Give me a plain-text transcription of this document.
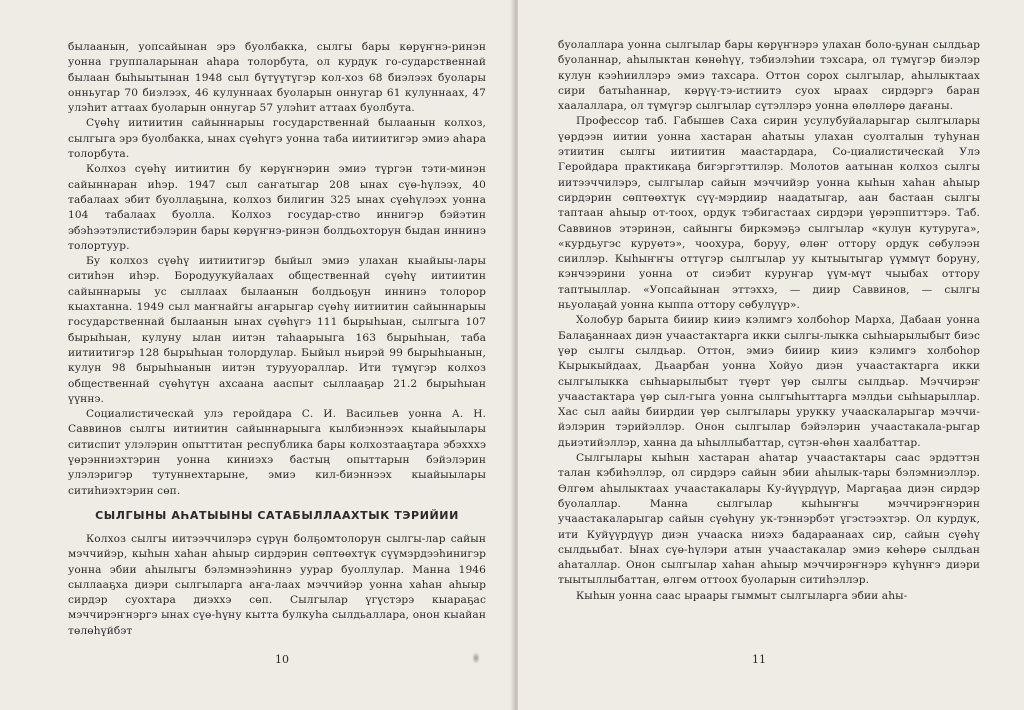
былаанын, уопсайынан эрэ буолбакка, сылгы бары көрүҥнэ-ринэн уонна группаларынан аһара толорбута, ол курдук го-сударственнай былаан быһыытынан 1948 сыл бүтүүтүгэр кол-хоз 68 биэлээх буолары онньугар 70 биэлээх, 46 кулуннаах буоларын оннугар 61 кулуннаах, 47 улэһит аттаах буоларын оннугар 57 улэһит аттаах буолбута.

Сүөһү иитиитин сайыннарыы государственнай былаанын колхоз, сылгыга эрэ буолбакка, ынах сүөһүгэ уонна таба иитиитигэр эмиэ аһара толорбута.

Колхоз сүөһү иитиитин бу көрүҥнэрин эмиэ түргэн тэти-минэн сайыннаран иһэр. 1947 сыл саҥатыгар 208 ынах сүө-һүлээх, 40 табалаах эбит буоллаҕына, колхоз билигин 325 ынах сүөһүлээх уонна 104 табалаах буолла. Колхоз государ-ство иннигэр бэйэтин эбэһээтэлистибэлэрин бары көрүҥнэ-ринэн болдьохторун быдан иннинэ толортуур.

Бу колхоз сүөһү иитиитигэр быйыл эмиэ улахан кыайыы-лары ситиһэн иһэр. Бородуукуйалаах общественнай сүөһү иитиитин сайыннарыы ус сыллаах былаанын болдьоҕун иннинэ толорор кыахтанна. 1949 сыл маҥнайгы аҥарыгар сүөһү иитиитин сайыннарыы государственнай былаанын ынах сүөһүгэ 111 бырыһыан, сылгыга 107 бырыһыан, кулуну ылан иитэн таһаарыыга 163 бырыһыан, таба иитиитигэр 128 бырыһыан толордулар. Быйыл ньирэй 99 бырыһыанын, кулун 98 бырыһыанын иитэн турууораллар. Ити түмүгэр колхоз общественнай сүөһүтүн ахсаана ааспыт сыллааҕар 21.2 бырыһыан үүннэ.

Социалистическай улэ геройдара С. И. Васильев уонна А. Н. Саввинов сылгы иитиитин сайыннарыыга кылбиэннээх кыайыылары ситиспит улэлэрин опыттитан республика бары колхозтааҕтара эбэхххэ үөрэнниэхтэрин уонна киниэхэ бастың опыттарын бэйэлэрин улэлэригэр тутуннехтарыне, эмиэ кил-биэннээх кыайыылары ситиһиэхтэрин сөп.

СЫЛГЫНЫ АҺАТЫЫНЫ САТАБЫЛЛААХТЫК ТЭРИЙИИ

Колхоз сылгы иитээччилэрэ сүрүн болҕомтолорун сылгы-лар сайын мэччийэр, кыһын хаһан аһыыр сирдэрин сөптөөхтүк сүүмэрдээһинигэр уонна эбии аһылыгы бэлэмнээһиннэ уурар буоллулар. Манна 1946 сыллааҕха диэри сылгыларга аҥа-лаах мэччийэр уонна хаһан аһыыр сирдэр суохтара диэххэ сөп. Сылгылар үгүстэрэ кыараҕас мэччирэҥнэргэ ынах сүө-һүну кытта булкуһа сылдьаллара, онон кыайан төлөһүйбэт

10

буолаллара уонна сылгылар бары көрүҥнэрэ улахан боло-ҕунан сылдьар буоланнар, аһылыктан көнөһүү, тэбиэлэһии тэхсара, ол түмүгэр биэлэр кулун кээһииллэрэ эмиэ тахсара. Оттон сорох сылгылар, аһылыктаах сири батыһаннар, көрүү-тэ-истиитэ суох ыраах сирдэргэ баран хаалаллара, ол түмүгэр сылгылар сүтэллэрэ уонна өлөллөрө дағаны.

Профессор таб. Габышев Саха сирин усулубуйаларыгар сылгылары үөрдээн иитии уонна хастаран аһатыы улахан суолталын туһунан этиитин сылгы иитиитин маастардара, Со-циалистическай Улэ Геройдара практикаҕа бигэргэттилэр. Молотов аатынан колхоз сылгы иитээччилэрэ, сылгылар сайын мэччийэр уонна кыһын хаһан аһыыр сирдэрин сөптөөхтүк сүү-мэрдиир наадатыгар, аан бастаан сылгы таптаан аһыыр от-тоох, ордук тэбигастаах сирдэри үөрэппиттэрэ. Таб. Саввинов этэринэн, сайынгы биркэмэҕэ сылгылар «кулун кутуруга», «курдьугэс куруөтэ», чоохура, боруу, өлөҥ оттору ордук сөбулээн сииллэр. Кыһыҥҥы оттүгэр сылгылар уу кытыытыгар үүммүт боруну, кэнчээрини уонна от сиэбит куруҥар үүм-мүт чыыбах оттору таптыыллар. «Уопсайынан эттэххэ, — диир Саввинов, — сылгы ньуолаҕай уонна кыппа оттору сөбулүүр».

Холобур барыта бииир кииэ кэлимгэ холбоһор Марха, Дабаан уонна Балаҕаннаах диэн учаастактарга икки сылгы-лыкка сыһыарылыбыт биэс үөр сылгы сылдьар. Оттон, эмиэ бииир кииэ кэлимгэ холбоһор Кырыкыйдаах, Дьаарбан уонна Хойуо диэн учаастактарга икки сылгылыкка сыһыарылыбыт түөрт үөр сылгы сылдьар. Мэччирэҥ учаастактара үөр сыл-гыга уонна сылгыһыттарга мэлдьи сыһыарыллар. Хас сыл аайы биирдии үөр сылгылары урукку учааскаларыгар мэччи-йэлэрин тэрийэллэр. Онон сылгылар бэйэлэрин учаастакала-рыгар дьиэтийэллэр, ханна да ыһыллыбаттар, сүтэн-өһөн хаалбаттар.

Сылгылары кыһын хастаран аһатар учаастактары саас эрдэттэн талан кэбиһэллэр, ол сирдэрэ сайын эбии аһылык-тары бэлэмниэллэр. Өлгөм аһылыктаах учаастакалары Ку-йүүрдүүр, Маргаҕаа диэн сирдэр буолаллар. Манна сылгылар кыһыҥҥы мэччирэҥнэрин учаастакаларыгар сайын сүөһүну ук-тэннэрбэт үгэстээхтэр. Ол курдук, ити Куйүүрдүүр диэн учааска ниэхэ бадараанаах сир, сайын сүөһү сылдьыбат. Ынах сүө-һүлэри атын учаастакалар эмиэ көһөрө сылдьан аһаталлар. Онон сылгылар хаһан аһыыр мэччирэҥнэрэ күһүнҥэ диэри тыытыллыбаттан, өлгөм оттоох буоларын ситиһэллэр.

Кыһын уонна саас ыраары гыммыт сылгыларга эбии аһы-

11
